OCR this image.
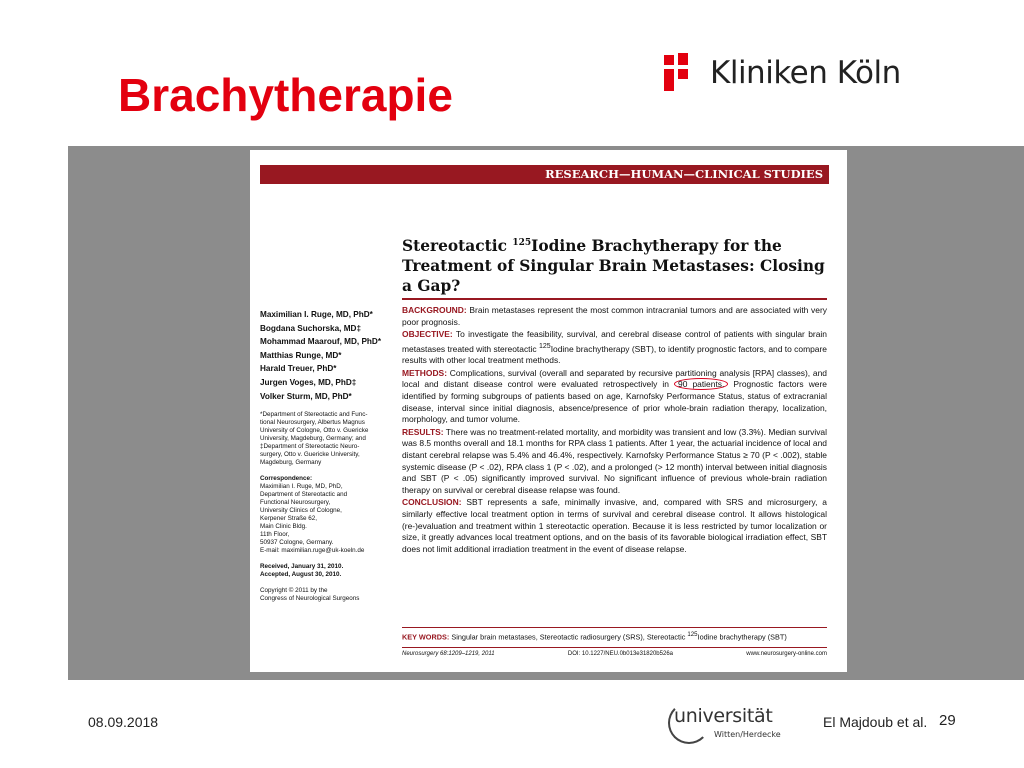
Brachytherapie	Kliniken Köln
RESEARCH—HUMAN—CLINICAL STUDIES
Stereotactic $^{125}$Iodine Brachytherapy for the Treatment of Singular Brain Metastases: Closing a Gap?
Maximilian I. Ruge, MD, PhD*
Bogdana Suchorska, MD‡
Mohammad Maarouf, MD, PhD*
Matthias Runge, MD*
Harald Treuer, PhD*
Jurgen Voges, MD, PhD‡
Volker Sturm, MD, PhD*
*Department of Stereotactic and Func-
tional Neurosurgery, Albertus Magnus
University of Cologne, Otto v. Guericke
University, Magdeburg, Germany; and
‡Department of Stereotactic Neuro-
surgery, Otto v. Guericke University,
Magdeburg, Germany
Correspondence:
Maximilian I. Ruge, MD, PhD,
Department of Stereotactic and
Functional Neurosurgery,
University Clinics of Cologne,
Kerpener Straße 62,
Main Clinic Bldg.
11th Floor,
50937 Cologne, Germany.
E-mail: maximilian.ruge@uk-koeln.de
Received, January 31, 2010.
Accepted, August 30, 2010.
Copyright © 2011 by the
Congress of Neurological Surgeons

BACKGROUND: Brain metastases represent the most common intracranial tumors and are associated with very poor prognosis.

OBJECTIVE: To investigate the feasibility, survival, and cerebral disease control of patients with singular brain metastases treated with stereotactic $^{125}$Iodine brachytherapy (SBT), to identify prognostic factors, and to compare results with other local treatment methods.

METHODS: Complications, survival (overall and separated by recursive partitioning analysis [RPA] classes), and local and distant disease control were evaluated retrospectively in 90 patients. Prognostic factors were identified by forming subgroups of patients based on age, Karnofsky Performance Status, status of extracranial disease, interval since initial diagnosis, absence/presence of prior whole-brain radiation therapy, localization, morphology, and tumor volume.

RESULTS: There was no treatment-related mortality, and morbidity was transient and low (3.3%). Median survival was 8.5 months overall and 18.1 months for RPA class 1 patients. After 1 year, the actuarial incidence of local and distant cerebral relapse was 5.4% and 46.4%, respectively. Karnofsky Performance Status ≥ 70 (P < .002), stable systemic disease (P < .02), RPA class 1 (P < .02), and a prolonged (> 12 month) interval between initial diagnosis and SBT (P < .05) significantly improved survival. No significant influence of previous whole-brain radiation therapy on survival or cerebral disease relapse was found.

CONCLUSION: SBT represents a safe, minimally invasive, and, compared with SRS and microsurgery, a similarly effective local treatment option in terms of survival and cerebral disease control. It allows histological (re-)evaluation and treatment within 1 stereotactic operation. Because it is less restricted by tumor localization or size, it greatly advances local treatment options, and on the basis of its favorable biological irradiation effect, SBT does not limit additional irradiation treatment in the event of disease relapse.

KEY WORDS: Singular brain metastases, Stereotactic radiosurgery (SRS), Stereotactic $^{125}$Iodine brachytherapy (SBT)
Neurosurgery 68:1209–1219, 2011	DOI: 10.1227/NEU.0b013e31820b526a	www.neurosurgery-online.com
08.09.2018	universität
Witten/Herdecke
El Majdoub et al. 29
